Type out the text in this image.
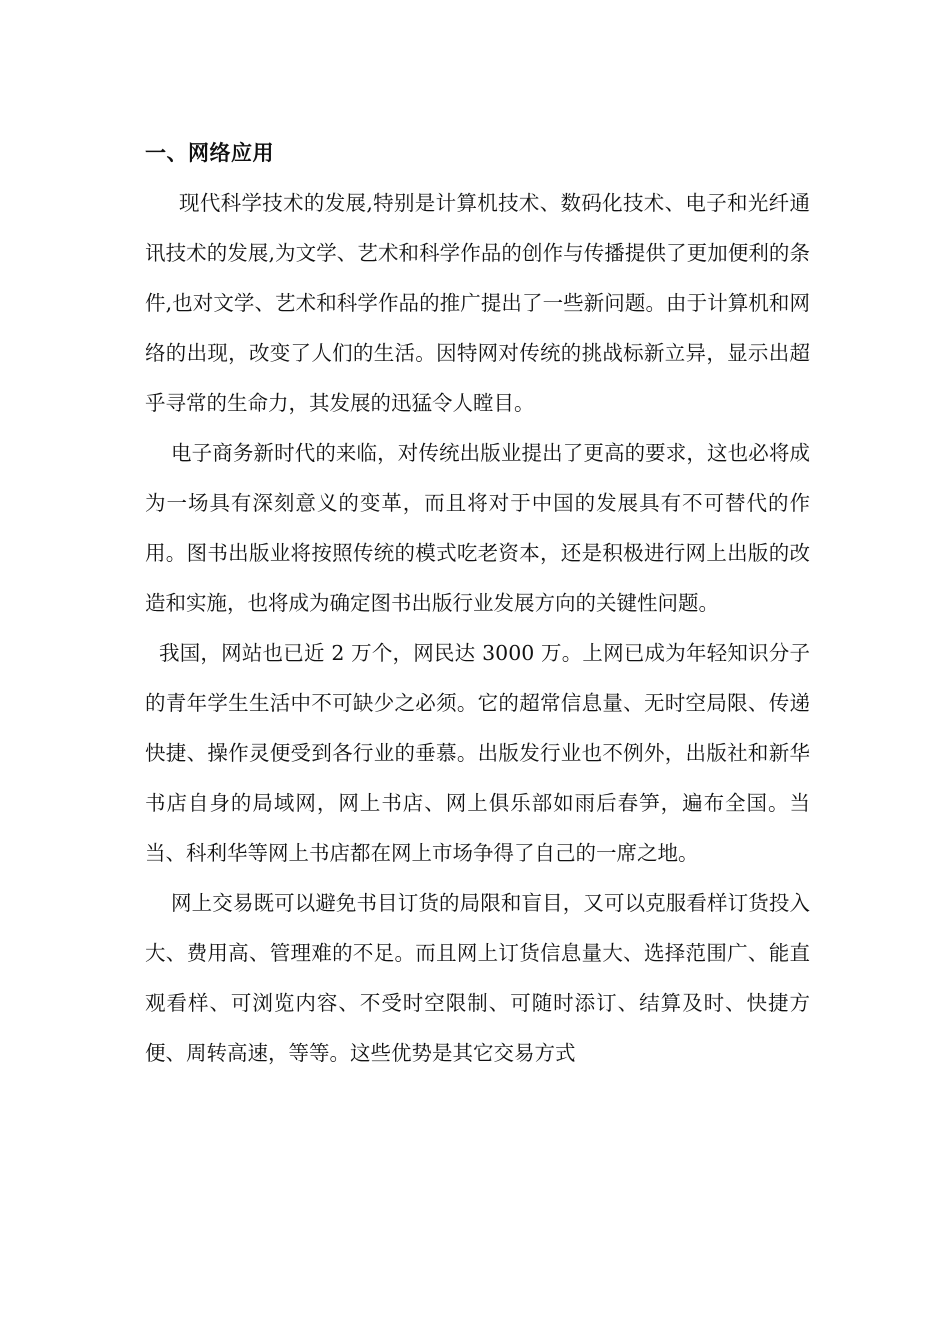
一、网络应用

现代科学技术的发展,特别是计算机技术、数码化技术、电子和光纤通讯技术的发展,为文学、艺术和科学作品的创作与传播提供了更加便利的条件,也对文学、艺术和科学作品的推广提出了一些新问题。由于计算机和网络的出现，改变了人们的生活。因特网对传统的挑战标新立异，显示出超乎寻常的生命力，其发展的迅猛令人瞠目。

电子商务新时代的来临，对传统出版业提出了更高的要求，这也必将成为一场具有深刻意义的变革，而且将对于中国的发展具有不可替代的作用。图书出版业将按照传统的模式吃老资本，还是积极进行网上出版的改造和实施，也将成为确定图书出版行业发展方向的关键性问题。

我国，网站也已近 2 万个，网民达 3000 万。上网已成为年轻知识分子的青年学生生活中不可缺少之必须。它的超常信息量、无时空局限、传递快捷、操作灵便受到各行业的垂慕。出版发行业也不例外，出版社和新华书店自身的局域网，网上书店、网上俱乐部如雨后春笋，遍布全国。当当、科利华等网上书店都在网上市场争得了自己的一席之地。

网上交易既可以避免书目订货的局限和盲目，又可以克服看样订货投入大、费用高、管理难的不足。而且网上订货信息量大、选择范围广、能直观看样、可浏览内容、不受时空限制、可随时添订、结算及时、快捷方便、周转高速，等等。这些优势是其它交易方式
